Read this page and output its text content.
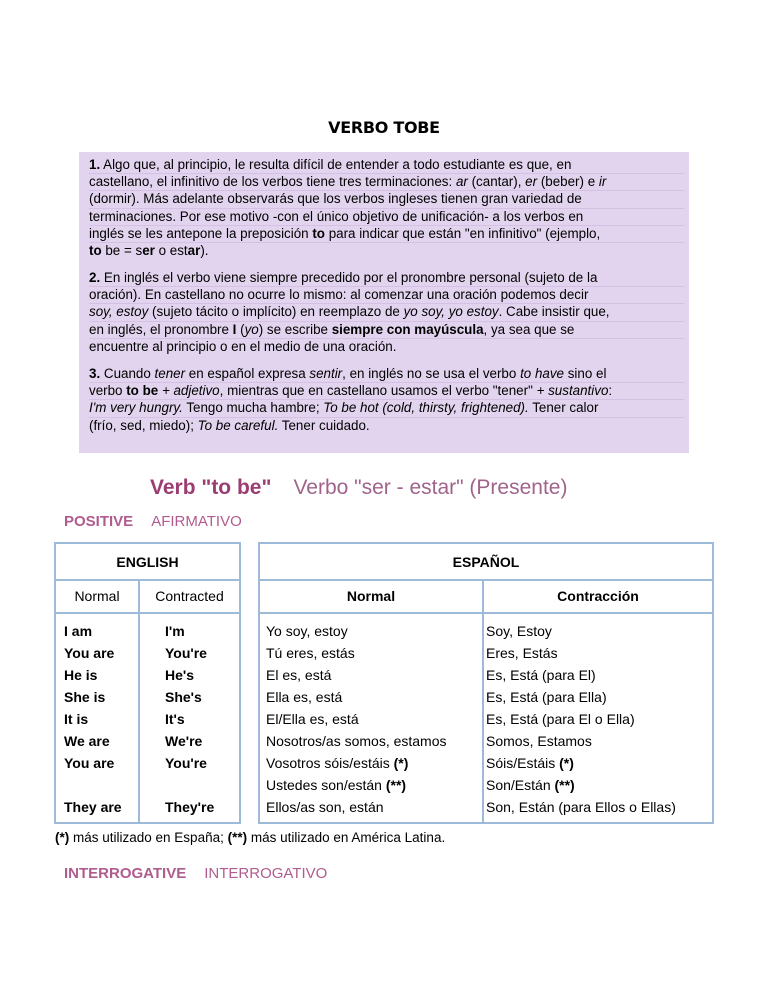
VERBO TOBE
1. Algo que, al principio, le resulta difícil de entender a todo estudiante es que, en
castellano, el infinitivo de los verbos tiene tres terminaciones: ar (cantar), er (beber) e ir
(dormir). Más adelante observarás que los verbos ingleses tienen gran variedad de
terminaciones. Por ese motivo -con el único objetivo de unificación- a los verbos en
inglés se les antepone la preposición to para indicar que están "en infinitivo" (ejemplo,
to be = ser o estar).
2. En inglés el verbo viene siempre precedido por el pronombre personal (sujeto de la
oración). En castellano no ocurre lo mismo: al comenzar una oración podemos decir
soy, estoy (sujeto tácito o implícito) en reemplazo de yo soy, yo estoy. Cabe insistir que,
en inglés, el pronombre I (yo) se escribe siempre con mayúscula, ya sea que se
encuentre al principio o en el medio de una oración.
3. Cuando tener en español expresa sentir, en inglés no se usa el verbo to have sino el
verbo to be + adjetivo, mientras que en castellano usamos el verbo "tener" + sustantivo:
I'm very hungry. Tengo mucha hambre; To be hot (cold, thirsty, frightened). Tener calor
(frío, sed, miedo); To be careful. Tener cuidado.
Verb "to be" Verbo "ser - estar" (Presente)
POSITIVE AFIRMATIVO
ENGLISH
Normal	Contracted
I am
You are
He is
She is
It is
We are
You are

They are
I'm
You're
He's
She's
It's
We're
You're

They're
ESPAÑOL
Normal	Contracción
Yo soy, estoy
Tú eres, estás
El es, está
Ella es, está
El/Ella es, está
Nosotros/as somos, estamos
Vosotros sóis/estáis (*)
Ustedes son/están (**)
Ellos/as son, están
Soy, Estoy
Eres, Estás
Es, Está (para El)
Es, Está (para Ella)
Es, Está (para El o Ella)
Somos, Estamos
Sóis/Estáis (*)
Son/Están (**)
Son, Están (para Ellos o Ellas)
(*) más utilizado en España; (**) más utilizado en América Latina.
INTERROGATIVE INTERROGATIVO
